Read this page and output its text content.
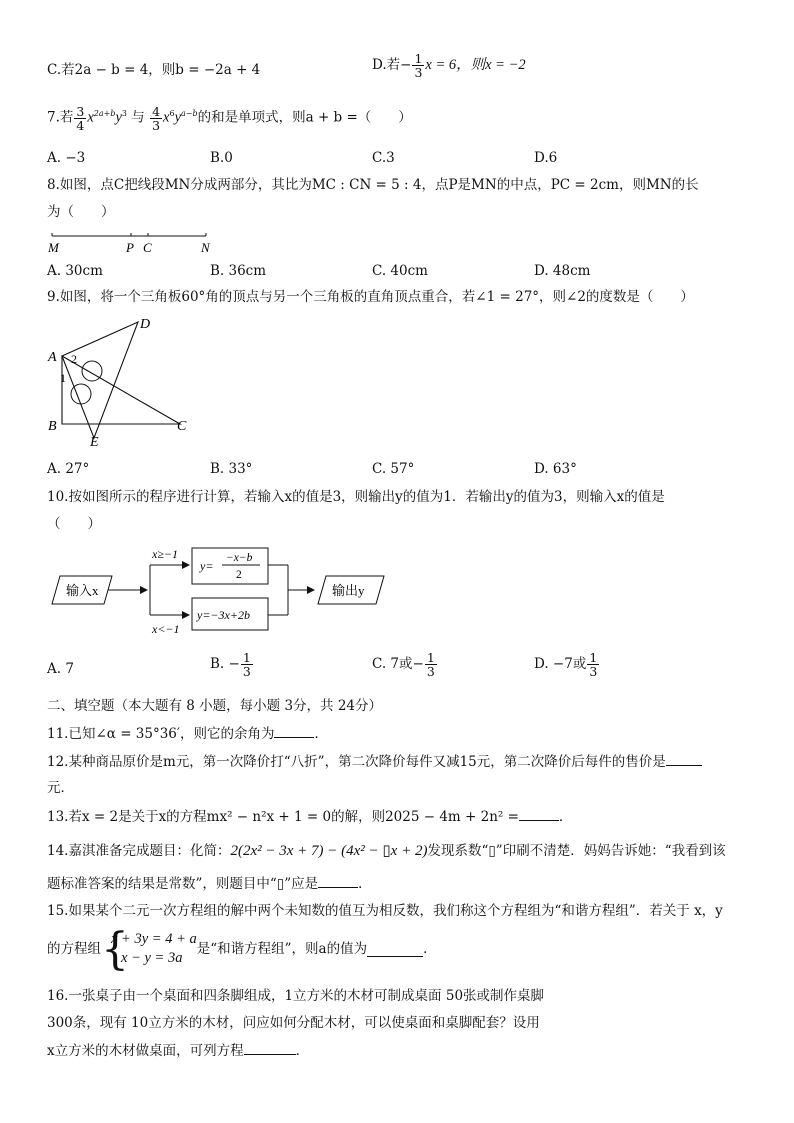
C.若2a − b = 4，则b = −2a + 4	D.若− $\frac{1}{3}$ x = 6，则x = −2
7.若 $\frac{3}{4} x^{2a+b}y^3$ 与 $\frac{4}{3} x^6y^{a-b}$的和是单项式，则a + b =（　　）
A. −3	B.0	C.3	D.6
8.如图，点C把线段MN分成两部分，其比为MC : CN = 5 : 4，点P是MN的中点，PC = 2cm，则MN的长
为（　　）
M	P C	N
A. 30cm	B. 36cm	C. 40cm	D. 48cm
9.如图，将一个三角板60°角的顶点与另一个三角板的直角顶点重合，若∠1 = 27°，则∠2的度数是（　　）
A
B	C
D
E
2
1
A. 27°	B. 33°	C. 57°	D. 63°
10.按如图所示的程序进行计算，若输入x的值是3，则输出y的值为1．若输出y的值为3，则输入x的值是
（　　）
输入x
x≥−1
x<−1
y=
−x−b
2
y=−3x+2b
输出y
A. 7	B. − $\frac{1}{3}$	C. 7或− $\frac{1}{3}$	D. −7或 $\frac{1}{3}$
二、填空题（本大题有 8 小题，每小题 3分，共 24分）
11.已知∠α = 35°36′，则它的余角为	．
12.某种商品原价是m元，第一次降价打“八折”，第二次降价每件又减15元，第二次降价后每件的售价是
元．
13.若x = 2是关于x的方程mx² − n²x + 1 = 0的解，则2025 − 4m + 2n² =	．
14.嘉淇准备完成题目：化简：2(2x² − 3x + 7) − (4x² − ▯x + 2)发现系数“▯”印刷不清楚．妈妈告诉她：“我看到该
题标准答案的结果是常数”，则题目中“▯”应是	．
15.如果某个二元一次方程组的解中两个未知数的值互为相反数，我们称这个方程组为“和谐方程组”．若关于 x，y
的方程组 {
x + 3y = 4 + a
x − y = 3a
是“和谐方程组”，则a的值为	．
16.一张桌子由一个桌面和四条脚组成，1立方米的木材可制成桌面 50张或制作桌脚
300条，现有 10立方米的木材，问应如何分配木材，可以使桌面和桌脚配套？设用
x立方米的木材做桌面，可列方程	．
